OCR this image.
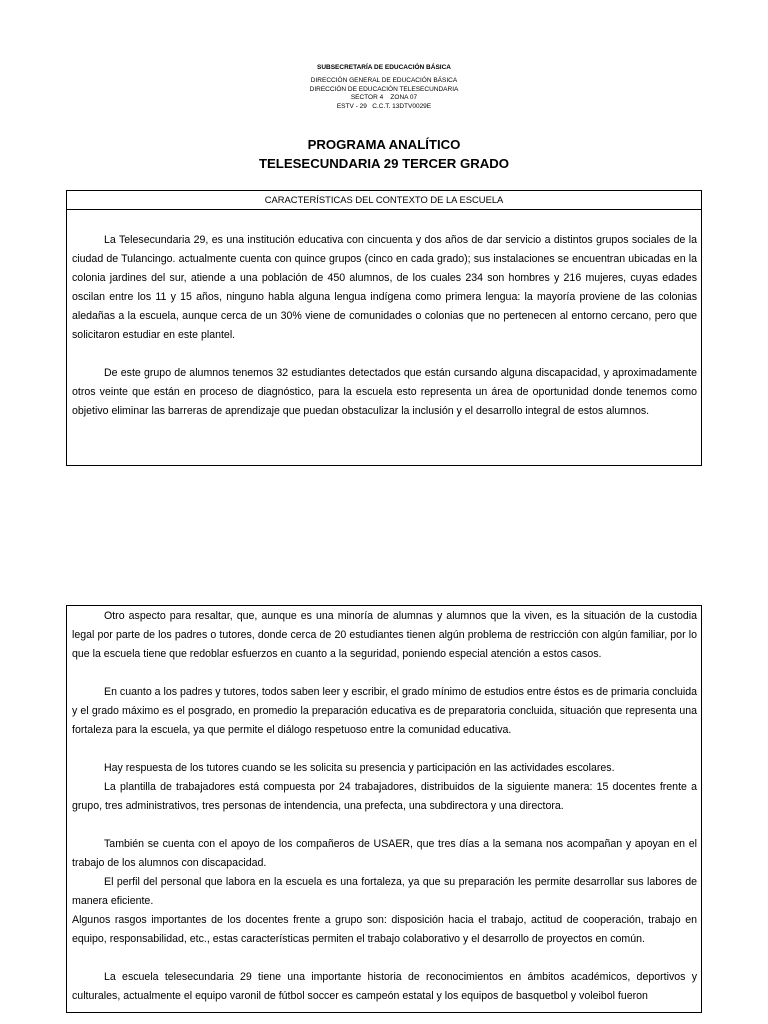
SUBSECRETARÍA DE EDUCACIÓN BÁSICA
DIRECCIÓN GENERAL DE EDUCACIÓN BÁSICA
DIRECCIÓN DE EDUCACIÓN TELESECUNDARIA
SECTOR 4    ZONA 07
ESTV - 29   C.C.T. 13DTV0029E
PROGRAMA ANALÍTICO
TELESECUNDARIA 29 TERCER GRADO
CARACTERÍSTICAS DEL CONTEXTO DE LA ESCUELA

La Telesecundaria 29, es una institución educativa con cincuenta y dos años de dar servicio a distintos grupos sociales de la ciudad de Tulancingo. actualmente cuenta con quince grupos (cinco en cada grado); sus instalaciones se encuentran ubicadas en la colonia jardines del sur, atiende a una población de 450 alumnos, de los cuales 234 son hombres y 216 mujeres, cuyas edades oscilan entre los 11 y 15 años, ninguno habla alguna lengua indígena como primera lengua: la mayoría proviene de las colonias aledañas a la escuela, aunque cerca de un 30% viene de comunidades o colonias que no pertenecen al entorno cercano, pero que solicitaron estudiar en este plantel.

De este grupo de alumnos tenemos 32 estudiantes detectados que están cursando alguna discapacidad, y aproximadamente otros veinte que están en proceso de diagnóstico, para la escuela esto representa un área de oportunidad donde tenemos como objetivo eliminar las barreras de aprendizaje que puedan obstaculizar la inclusión y el desarrollo integral de estos alumnos.

Otro aspecto para resaltar, que, aunque es una minoría de alumnas y alumnos que la viven, es la situación de la custodia legal por parte de los padres o tutores, donde cerca de 20 estudiantes tienen algún problema de restricción con algún familiar, por lo que la escuela tiene que redoblar esfuerzos en cuanto a la seguridad, poniendo especial atención a estos casos.

En cuanto a los padres y tutores, todos saben leer y escribir, el grado mínimo de estudios entre éstos es de primaria concluida y el grado máximo es el posgrado, en promedio la preparación educativa es de preparatoria concluida, situación que representa una fortaleza para la escuela, ya que permite el diálogo respetuoso entre la comunidad educativa.

Hay respuesta de los tutores cuando se les solicita su presencia y participación en las actividades escolares.

La plantilla de trabajadores está compuesta por 24 trabajadores, distribuidos de la siguiente manera: 15 docentes frente a grupo, tres administrativos, tres personas de intendencia, una prefecta, una subdirectora y una directora.

También se cuenta con el apoyo de los compañeros de USAER, que tres días a la semana nos acompañan y apoyan en el trabajo de los alumnos con discapacidad.

El perfil del personal que labora en la escuela es una fortaleza, ya que su preparación les permite desarrollar sus labores de manera eficiente.

Algunos rasgos importantes de los docentes frente a grupo son: disposición hacia el trabajo, actitud de cooperación, trabajo en equipo, responsabilidad, etc., estas características permiten el trabajo colaborativo y el desarrollo de proyectos en común.

La escuela telesecundaria 29 tiene una importante historia de reconocimientos en ámbitos académicos, deportivos y culturales, actualmente el equipo varonil de fútbol soccer es campeón estatal y los equipos de basquetbol y voleibol fueron
